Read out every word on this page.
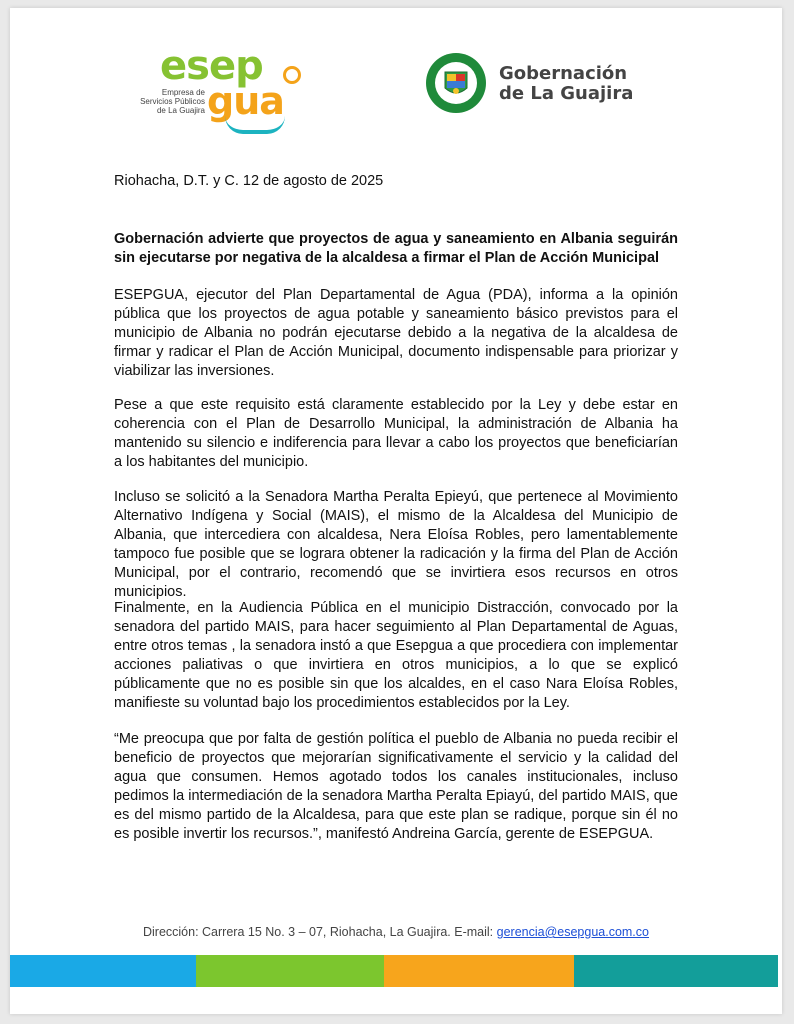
esep
gua
Empresa de
Servicios Públicos
de La Guajira
Gobernación
de La Guajira
Riohacha, D.T. y C. 12 de agosto de 2025
Gobernación advierte que proyectos de agua y saneamiento en Albania seguirán sin ejecutarse por negativa de la alcaldesa a firmar el Plan de Acción Municipal
ESEPGUA, ejecutor del Plan Departamental de Agua (PDA), informa a la opinión pública que los proyectos de agua potable y saneamiento básico previstos para el municipio de Albania no podrán ejecutarse debido a la negativa de la alcaldesa de firmar y radicar el Plan de Acción Municipal, documento indispensable para priorizar y viabilizar las inversiones.
Pese a que este requisito está claramente establecido por la Ley y debe estar en coherencia con el Plan de Desarrollo Municipal, la administración de Albania ha mantenido su silencio e indiferencia para llevar a cabo los proyectos que beneficiarían a los habitantes del municipio.
Incluso se solicitó a la Senadora Martha Peralta Epieyú, que pertenece al Movimiento Alternativo Indígena y Social (MAIS), el mismo de la Alcaldesa del Municipio de Albania, que intercediera con alcaldesa, Nera Eloísa Robles, pero lamentablemente tampoco fue posible que se lograra obtener la radicación y la firma del Plan de Acción Municipal, por el contrario, recomendó que se invirtiera esos recursos en otros municipios.
Finalmente, en la Audiencia Pública en el municipio Distracción, convocado por la senadora del partido MAIS, para hacer seguimiento al Plan Departamental de Aguas, entre otros temas , la senadora instó a que Esepgua a que procediera con implementar acciones paliativas o que invirtiera en otros municipios, a lo que se explicó públicamente que no es posible sin que los alcaldes, en el caso Nara Eloísa Robles, manifieste su voluntad bajo los procedimientos establecidos por la Ley.
“Me preocupa que por falta de gestión política el pueblo de Albania no pueda recibir el beneficio de proyectos que mejorarían significativamente el servicio y la calidad del agua que consumen. Hemos agotado todos los canales institucionales, incluso pedimos la intermediación de la senadora Martha Peralta Epiayú, del partido MAIS, que es del mismo partido de la Alcaldesa, para que este plan se radique, porque sin él no es posible invertir los recursos.”, manifestó Andreina García, gerente de ESEPGUA.
Dirección: Carrera 15 No. 3 – 07, Riohacha, La Guajira. E-mail: gerencia@esepgua.com.co
